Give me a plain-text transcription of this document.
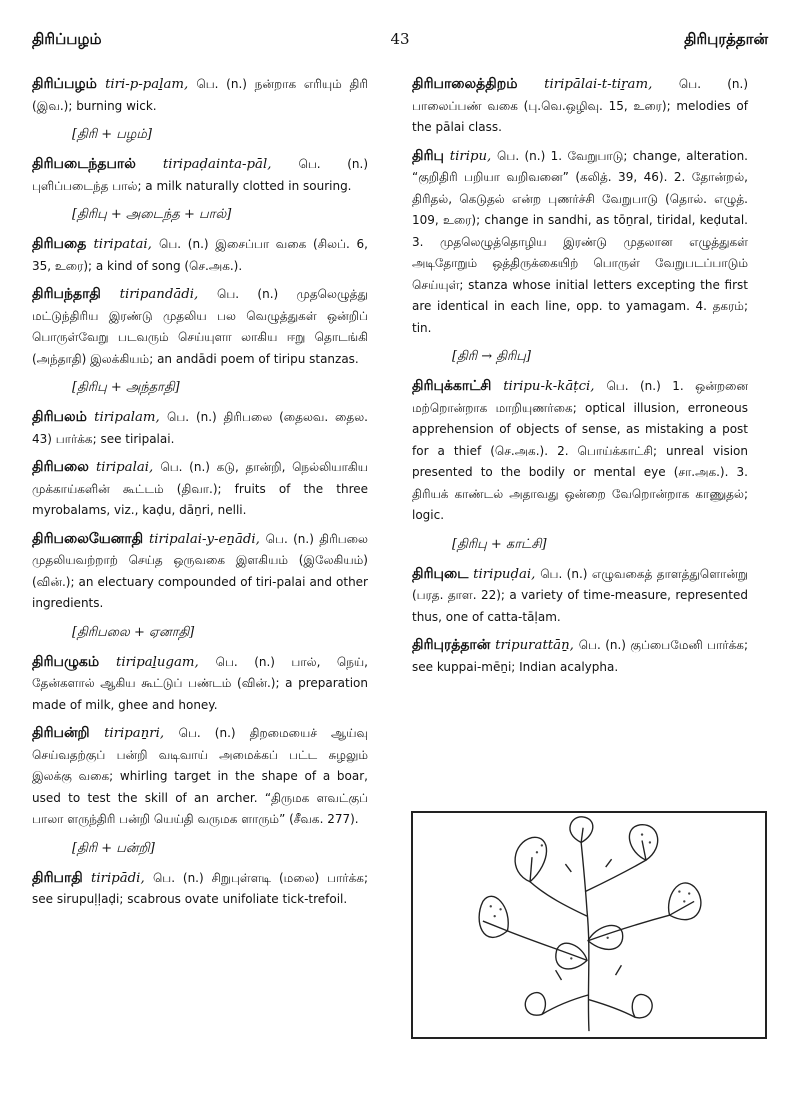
திரிப்பழம்	43	திரிபுரத்தான்
திரிப்பழம் tiri-p-paḻam, பெ. (n.) நன்றாக எரியும் திரி (இவ.); burning wick.
[திரி + பழம்]
திரிபடைந்தபால் tiripaḍainta-pāl, பெ. (n.) புளிப்படைந்த பால்; a milk naturally clotted in souring.
[திரிபு + அடைந்த + பால்]
திரிபதை tiripatai, பெ. (n.) இசைப்பா வகை (சிலப். 6, 35, உரை); a kind of song (செ.அக.).
திரிபந்தாதி tiripandādi, பெ. (n.) முதலெழுத்து மட்டுந்திரிய இரண்டு முதலிய பல வெழுத்துகள் ஒன்றிப் பொருள்வேறு படவரும் செய்யுளா லாகிய ஈறு தொடங்கி (அந்தாதி) இலக்கியம்; an andādi poem of tiripu stanzas.
[திரிபு + அந்தாதி]
திரிபலம் tiripalam, பெ. (n.) திரிபலை (தைலவ. தைல. 43) பார்க்க; see tiripalai.
திரிபலை tiripalai, பெ. (n.) கடு, தான்றி, நெல்லியாகிய முக்காய்களின் கூட்டம் (திவா.); fruits of the three myrobalams, viz., kaḍu, dāṉri, nelli.
திரிபலையேனாதி tiripalai-y-eṉādi, பெ. (n.) திரிபலை முதலியவற்றாற் செய்த ஒருவகை இளகியம் (இலேகியம்) (வின்.); an electuary compounded of tiri-palai and other ingredients.
[திரிபலை + ஏனாதி]
திரிபழுகம் tiripaḻugam, பெ. (n.) பால், நெய், தேன்களால் ஆகிய கூட்டுப் பண்டம் (வின்.); a preparation made of milk, ghee and honey.
திரிபன்றி tiripaṉri, பெ. (n.) திறமையைச் ஆய்வு செய்வதற்குப் பன்றி வடிவாய் அமைக்கப் பட்ட சுழலும் இலக்கு வகை; whirling target in the shape of a boar, used to test the skill of an archer. “திருமக ளவட்குப் பாலா ளருந்திரி பன்றி யெய்தி வருமக ளாரும்” (சீவக. 277).
[திரி + பன்றி]
திரிபாதி tiripādi, பெ. (n.) சிறுபுள்ளடி (மலை) பார்க்க; see sirupuḷḷaḍi; scabrous ovate unifoliate tick-trefoil.
திரிபாலைத்திறம் tiripālai-t-tiṟam, பெ. (n.) பாலைப்பண் வகை (பு.வெ.ஒழிவு. 15, உரை); melodies of the pālai class.
திரிபு tiripu, பெ. (n.) 1. வேறுபாடு; change, alteration. “குறிதிரி பறியா வறிவனை” (கலித். 39, 46). 2. தோன்றல், திரிதல், கெடுதல் என்ற புணர்ச்சி வேறுபாடு (தொல். எழுத். 109, உரை); change in sandhi, as tōṉral, tiridal, keḍutal. 3. முதலெழுத்தொழிய இரண்டு முதலான எழுத்துகள் அடிதோறும் ஒத்திருக்கையிற் பொருள் வேறுபடப்பாடும் செய்யுள்; stanza whose initial letters excepting the first are identical in each line, opp. to yamagam. 4. தகரம்; tin.
[திரி → திரிபு]
திரிபுக்காட்சி tiripu-k-kāṭci, பெ. (n.) 1. ஒன்றனை மற்றொன்றாக மாறியுணர்கை; optical illusion, erroneous apprehension of objects of sense, as mistaking a post for a thief (செ.அக.). 2. பொய்க்காட்சி; unreal vision presented to the bodily or mental eye (சா.அக.). 3. திரியக் காண்டல் அதாவது ஒன்றை வேறொன்றாக காணுதல்; logic.
[திரிபு + காட்சி]
திரிபுடை tiripuḍai, பெ. (n.) எழுவகைத் தாளத்துளொன்று (பரத. தாள. 22); a variety of time-measure, represented thus, one of catta-tāḷam.
திரிபுரத்தான் tripurattāṉ, பெ. (n.) குப்பைமேனி பார்க்க; see kuppai-mēṉi; Indian acalypha.
